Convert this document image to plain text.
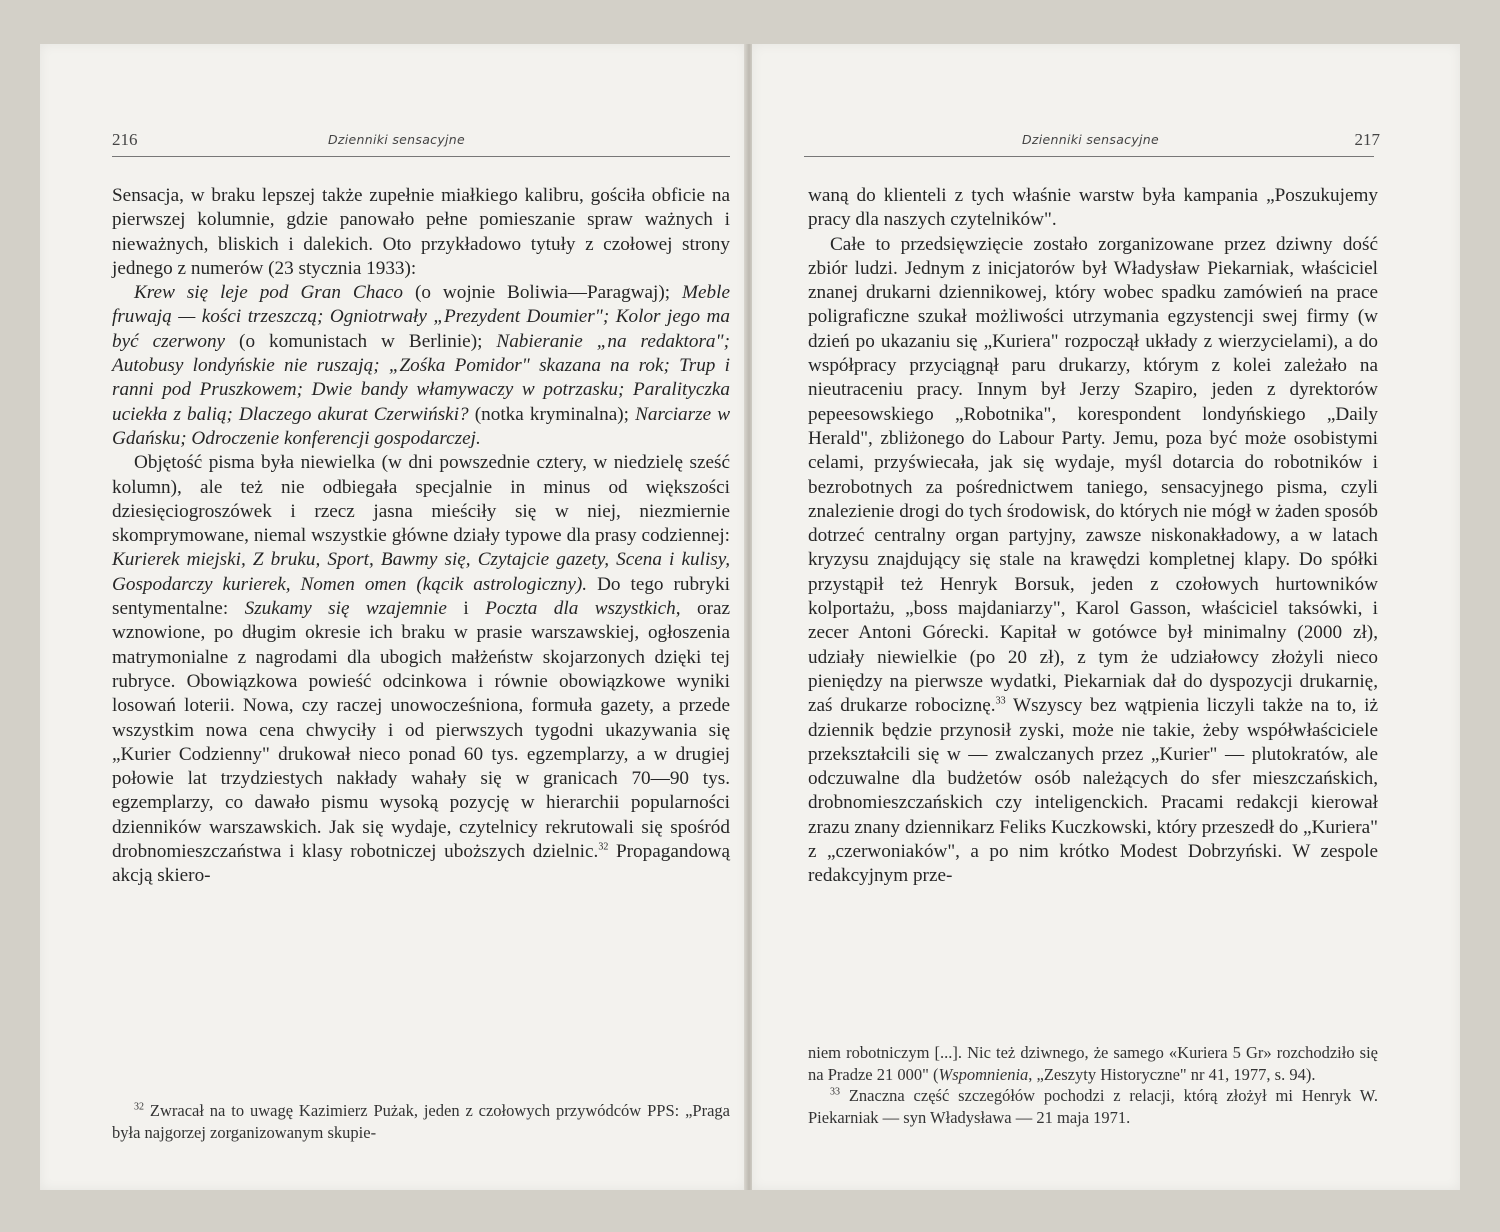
216	Dzienniki sensacyjne

Sensacja, w braku lepszej także zupełnie miałkiego kalibru, gościła obficie na pierwszej kolumnie, gdzie panowało pełne pomieszanie spraw ważnych i nieważnych, bliskich i dalekich. Oto przykładowo tytuły z czołowej strony jednego z numerów (23 stycznia 1933):

Krew się leje pod Gran Chaco (o wojnie Boliwia—Paragwaj); Meble fruwają — kości trzeszczą; Ogniotrwały „Prezydent Doumier"; Kolor jego ma być czerwony (o komunistach w Berlinie); Nabieranie „na redaktora"; Autobusy londyńskie nie ruszają; „Zośka Pomidor" skazana na rok; Trup i ranni pod Pruszkowem; Dwie bandy włamywaczy w potrzasku; Paralityczka uciekła z balią; Dlaczego akurat Czerwiński? (notka kryminalna); Narciarze w Gdańsku; Odroczenie konferencji gospodarczej.

Objętość pisma była niewielka (w dni powszednie cztery, w niedzielę sześć kolumn), ale też nie odbiegała specjalnie in minus od większości dziesięciogroszówek i rzecz jasna mieściły się w niej, niezmiernie skomprymowane, niemal wszystkie główne działy typowe dla prasy codziennej: Kurierek miejski, Z bruku, Sport, Bawmy się, Czytajcie gazety, Scena i kulisy, Gospodarczy kurierek, Nomen omen (kącik astrologiczny). Do tego rubryki sentymentalne: Szukamy się wzajemnie i Poczta dla wszystkich, oraz wznowione, po długim okresie ich braku w prasie warszawskiej, ogłoszenia matrymonialne z nagrodami dla ubogich małżeństw skojarzonych dzięki tej rubryce. Obowiązkowa powieść odcinkowa i równie obowiązkowe wyniki losowań loterii. Nowa, czy raczej unowocześniona, formuła gazety, a przede wszystkim nowa cena chwyciły i od pierwszych tygodni ukazywania się „Kurier Codzienny" drukował nieco ponad 60 tys. egzemplarzy, a w drugiej połowie lat trzydziestych nakłady wahały się w granicach 70—90 tys. egzemplarzy, co dawało pismu wysoką pozycję w hierarchii popularności dzienników warszawskich. Jak się wydaje, czytelnicy rekrutowali się spośród drobnomieszczaństwa i klasy robotniczej uboższych dzielnic.$^{32}$ Propagandową akcją skiero-

$^{32}$ Zwracał na to uwagę Kazimierz Pużak, jeden z czołowych przywódców PPS: „Praga była najgorzej zorganizowanym skupie-

Dzienniki sensacyjne	217

waną do klienteli z tych właśnie warstw była kampania „Poszukujemy pracy dla naszych czytelników".

Całe to przedsięwzięcie zostało zorganizowane przez dziwny dość zbiór ludzi. Jednym z inicjatorów był Władysław Piekarniak, właściciel znanej drukarni dziennikowej, który wobec spadku zamówień na prace poligraficzne szukał możliwości utrzymania egzystencji swej firmy (w dzień po ukazaniu się „Kuriera" rozpoczął układy z wierzycielami), a do współpracy przyciągnął paru drukarzy, którym z kolei zależało na nieutraceniu pracy. Innym był Jerzy Szapiro, jeden z dyrektorów pepeesowskiego „Robotnika", korespondent londyńskiego „Daily Herald", zbliżonego do Labour Party. Jemu, poza być może osobistymi celami, przyświecała, jak się wydaje, myśl dotarcia do robotników i bezrobotnych za pośrednictwem taniego, sensacyjnego pisma, czyli znalezienie drogi do tych środowisk, do których nie mógł w żaden sposób dotrzeć centralny organ partyjny, zawsze niskonakładowy, a w latach kryzysu znajdujący się stale na krawędzi kompletnej klapy. Do spółki przystąpił też Henryk Borsuk, jeden z czołowych hurtowników kolportażu, „boss majdaniarzy", Karol Gasson, właściciel taksówki, i zecer Antoni Górecki. Kapitał w gotówce był minimalny (2000 zł), udziały niewielkie (po 20 zł), z tym że udziałowcy złożyli nieco pieniędzy na pierwsze wydatki, Piekarniak dał do dyspozycji drukarnię, zaś drukarze robociznę.$^{33}$ Wszyscy bez wątpienia liczyli także na to, iż dziennik będzie przynosił zyski, może nie takie, żeby współwłaściciele przekształcili się w — zwalczanych przez „Kurier" — plutokratów, ale odczuwalne dla budżetów osób należących do sfer mieszczańskich, drobnomieszczańskich czy inteligenckich. Pracami redakcji kierował zrazu znany dziennikarz Feliks Kuczkowski, który przeszedł do „Kuriera" z „czerwoniaków", a po nim krótko Modest Dobrzyński. W zespole redakcyjnym prze-

niem robotniczym [...]. Nic też dziwnego, że samego «Kuriera 5 Gr» rozchodziło się na Pradze 21 000" (Wspomnienia, „Zeszyty Historyczne" nr 41, 1977, s. 94).

$^{33}$ Znaczna część szczegółów pochodzi z relacji, którą złożył mi Henryk W. Piekarniak — syn Władysława — 21 maja 1971.
